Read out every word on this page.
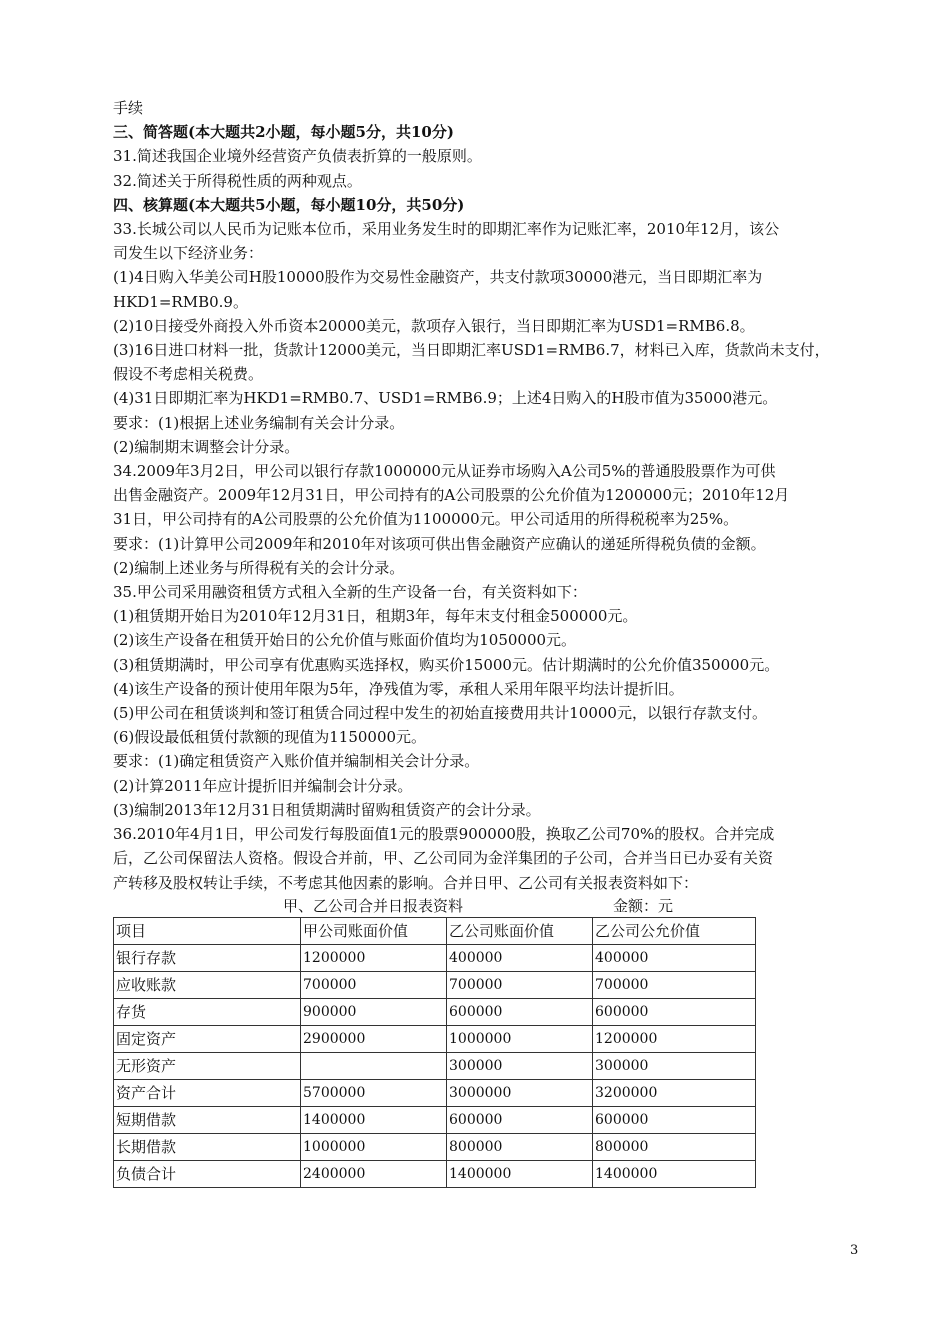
手续
三、简答题(本大题共2小题，每小题5分，共10分)
31.简述我国企业境外经营资产负债表折算的一般原则。
32.简述关于所得税性质的两种观点。
四、核算题(本大题共5小题，每小题10分，共50分)
33.长城公司以人民币为记账本位币，采用业务发生时的即期汇率作为记账汇率，2010年12月，该公
司发生以下经济业务：
(1)4日购入华美公司H股10000股作为交易性金融资产，共支付款项30000港元，当日即期汇率为
HKD1=RMB0.9。
(2)10日接受外商投入外币资本20000美元，款项存入银行，当日即期汇率为USD1=RMB6.8。
(3)16日进口材料一批，货款计12000美元，当日即期汇率USD1=RMB6.7，材料已入库，货款尚未支付，
假设不考虑相关税费。
(4)31日即期汇率为HKD1=RMB0.7、USD1=RMB6.9；上述4日购入的H股市值为35000港元。
要求：(1)根据上述业务编制有关会计分录。
(2)编制期末调整会计分录。
34.2009年3月2日，甲公司以银行存款1000000元从证券市场购入A公司5%的普通股股票作为可供
出售金融资产。2009年12月31日，甲公司持有的A公司股票的公允价值为1200000元；2010年12月
31日，甲公司持有的A公司股票的公允价值为1100000元。甲公司适用的所得税税率为25%。
要求：(1)计算甲公司2009年和2010年对该项可供出售金融资产应确认的递延所得税负债的金额。
(2)编制上述业务与所得税有关的会计分录。
35.甲公司采用融资租赁方式租入全新的生产设备一台，有关资料如下：
(1)租赁期开始日为2010年12月31日，租期3年，每年末支付租金500000元。
(2)该生产设备在租赁开始日的公允价值与账面价值均为1050000元。
(3)租赁期满时，甲公司享有优惠购买选择权，购买价15000元。估计期满时的公允价值350000元。
(4)该生产设备的预计使用年限为5年，净残值为零，承租人采用年限平均法计提折旧。
(5)甲公司在租赁谈判和签订租赁合同过程中发生的初始直接费用共计10000元，以银行存款支付。
(6)假设最低租赁付款额的现值为1150000元。
要求：(1)确定租赁资产入账价值并编制相关会计分录。
(2)计算2011年应计提折旧并编制会计分录。
(3)编制2013年12月31日租赁期满时留购租赁资产的会计分录。
36.2010年4月1日，甲公司发行每股面值1元的股票900000股，换取乙公司70%的股权。合并完成
后，乙公司保留法人资格。假设合并前，甲、乙公司同为金洋集团的子公司，合并当日已办妥有关资
产转移及股权转让手续，不考虑其他因素的影响。合并日甲、乙公司有关报表资料如下：
甲、乙公司合并日报表资料	金额：元
项目	甲公司账面价值	乙公司账面价值	乙公司公允价值
银行存款	1200000	400000	400000
应收账款	700000	700000	700000
存货	900000	600000	600000
固定资产	2900000	1000000	1200000
无形资产		300000	300000
资产合计	5700000	3000000	3200000
短期借款	1400000	600000	600000
长期借款	1000000	800000	800000
负债合计	2400000	1400000	1400000
3
